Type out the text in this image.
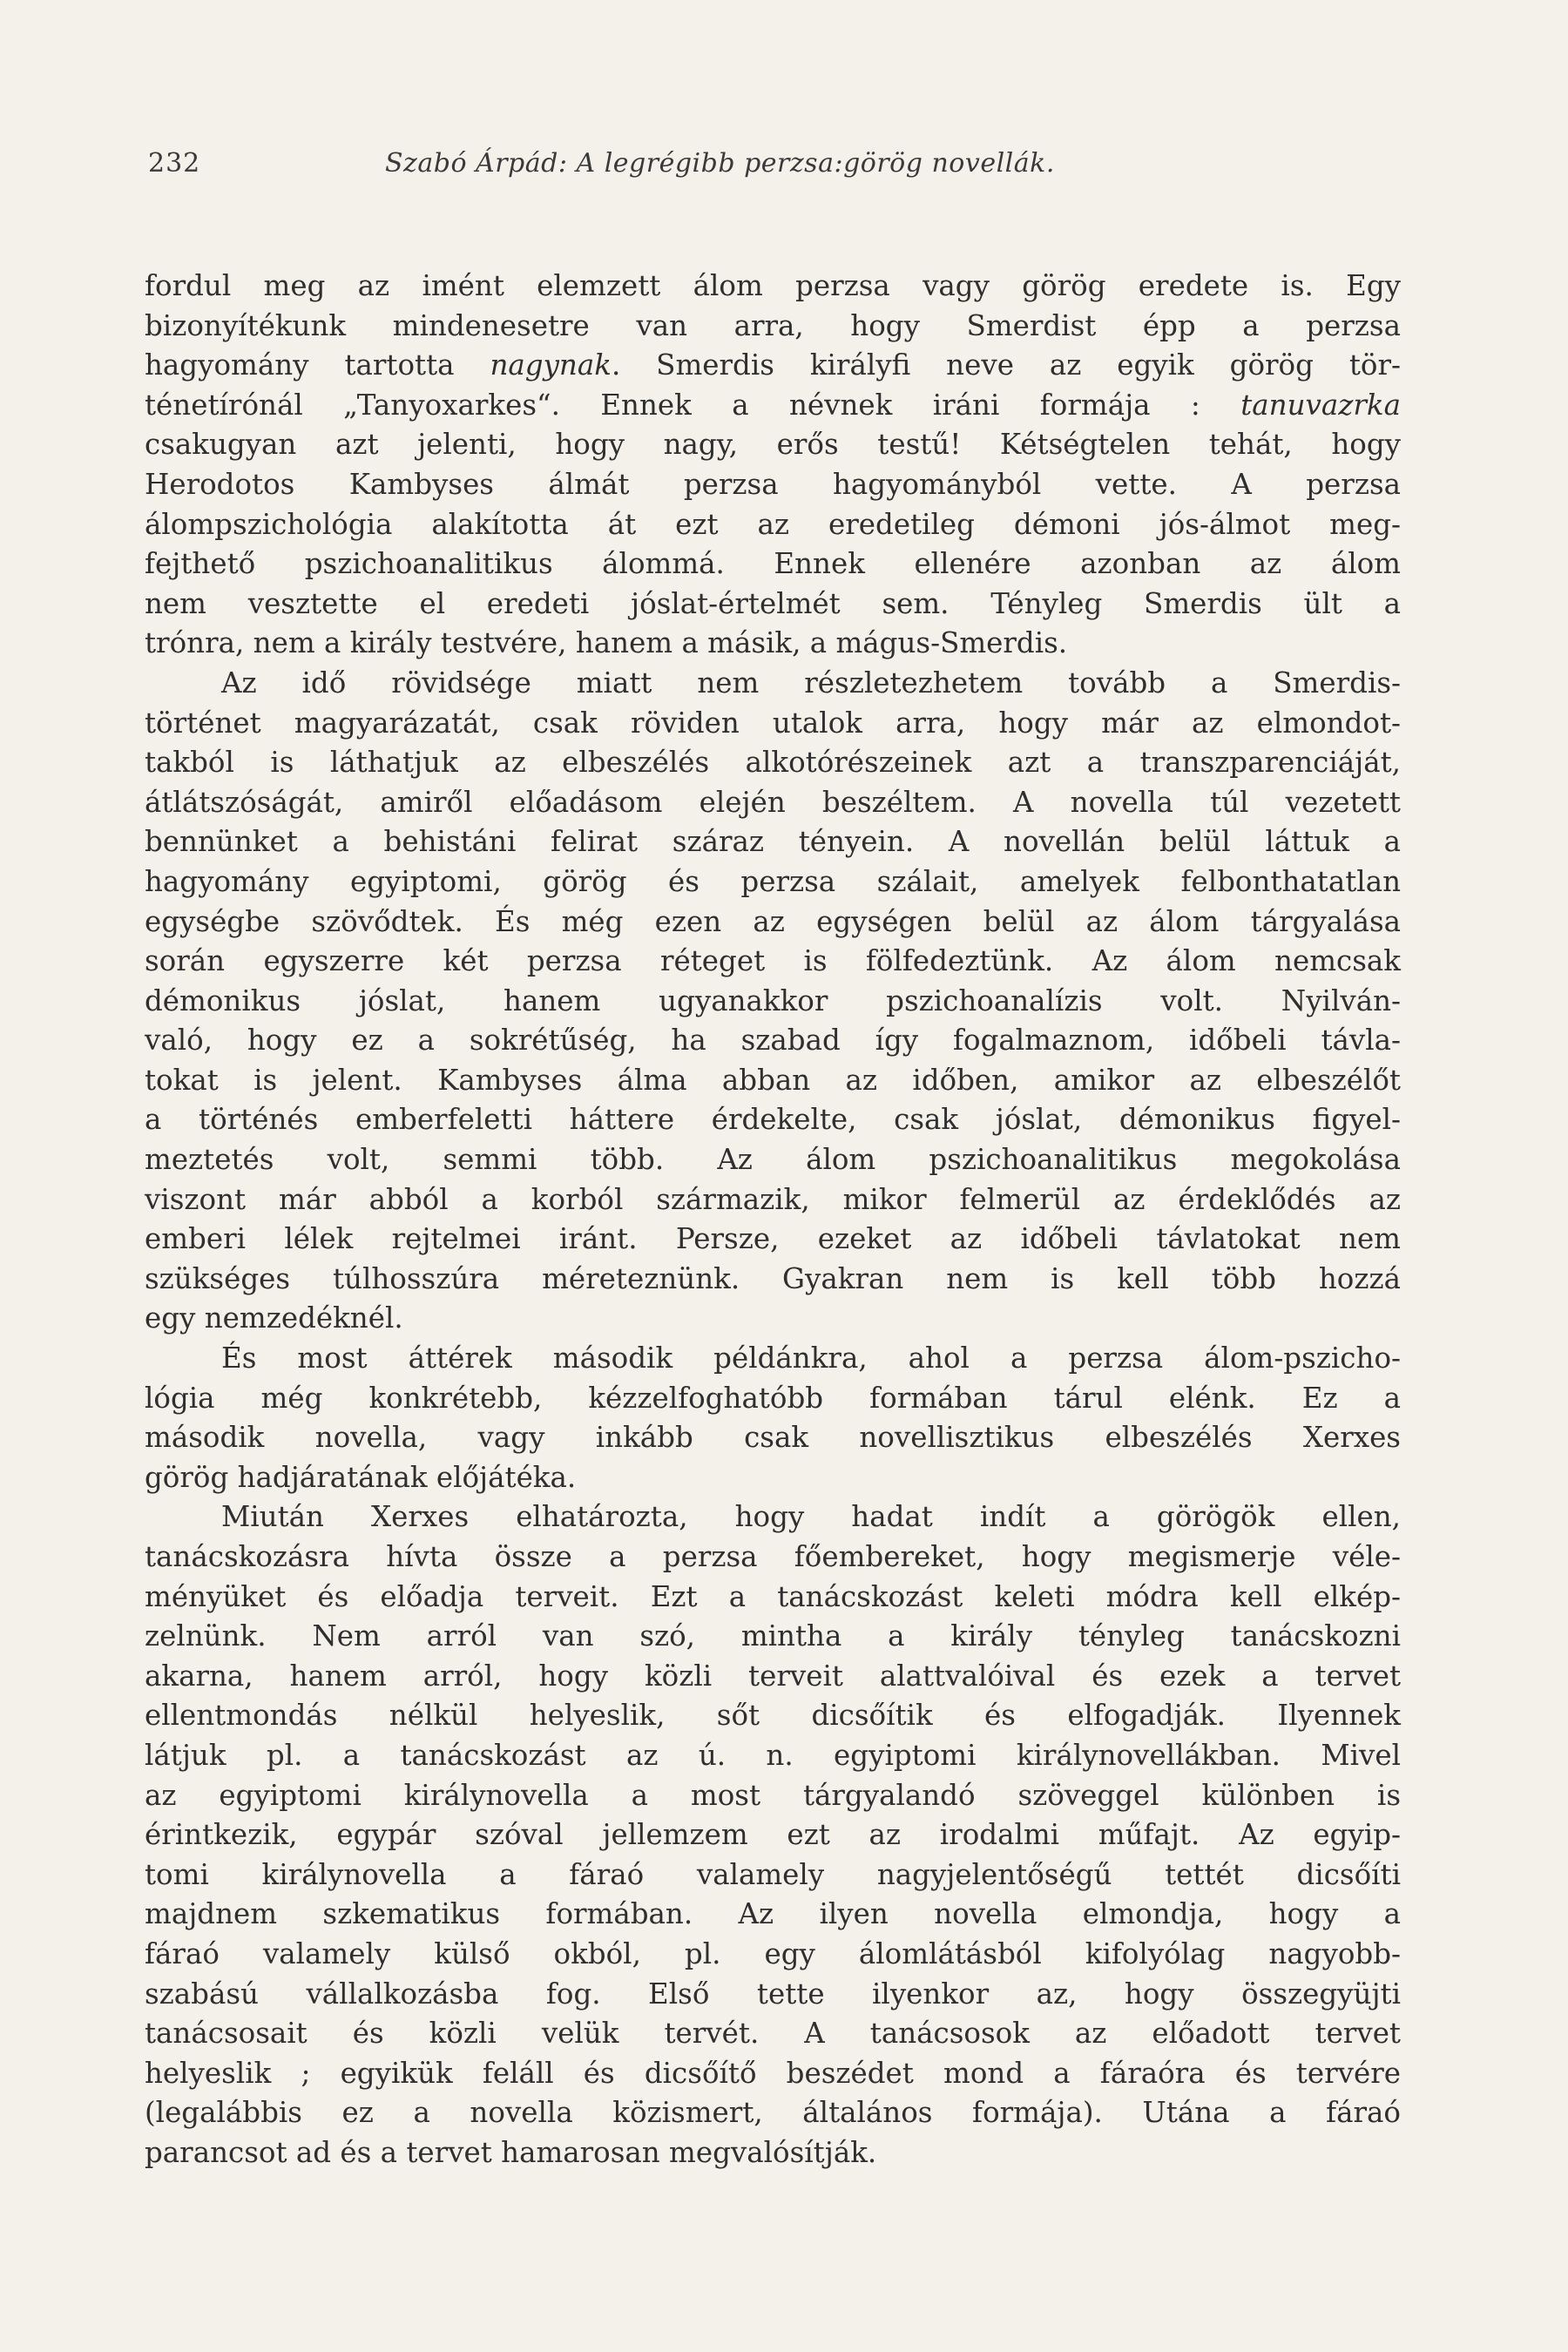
232	Szabó Árpád: A legrégibb perzsa:görög novellák.
fordul meg az imént elemzett álom perzsa vagy görög eredete is. Egy
bizonyítékunk mindenesetre van arra, hogy Smerdist épp a perzsa
hagyomány tartotta nagynak. Smerdis királyfi neve az egyik görög tör-
ténetírónál „Tanyoxarkes“. Ennek a névnek iráni formája : tanuvazrka
csakugyan azt jelenti, hogy nagy, erős testű! Kétségtelen tehát, hogy
Herodotos Kambyses álmát perzsa hagyományból vette. A perzsa
álompszichológia alakította át ezt az eredetileg démoni jós-álmot meg-
fejthető pszichoanalitikus álommá. Ennek ellenére azonban az álom
nem vesztette el eredeti jóslat-értelmét sem. Tényleg Smerdis ült a
trónra, nem a király testvére, hanem a másik, a mágus-Smerdis.
Az idő rövidsége miatt nem részletezhetem tovább a Smerdis-
történet magyarázatát, csak röviden utalok arra, hogy már az elmondot-
takból is láthatjuk az elbeszélés alkotórészeinek azt a transzparenciáját,
átlátszóságát, amiről előadásom elején beszéltem. A novella túl vezetett
bennünket a behistáni felirat száraz tényein. A novellán belül láttuk a
hagyomány egyiptomi, görög és perzsa szálait, amelyek felbonthatatlan
egységbe szövődtek. És még ezen az egységen belül az álom tárgyalása
során egyszerre két perzsa réteget is fölfedeztünk. Az álom nemcsak
démonikus jóslat, hanem ugyanakkor pszichoanalízis volt. Nyilván-
való, hogy ez a sokrétűség, ha szabad így fogalmaznom, időbeli távla-
tokat is jelent. Kambyses álma abban az időben, amikor az elbeszélőt
a történés emberfeletti háttere érdekelte, csak jóslat, démonikus figyel-
meztetés volt, semmi több. Az álom pszichoanalitikus megokolása
viszont már abból a korból származik, mikor felmerül az érdeklődés az
emberi lélek rejtelmei iránt. Persze, ezeket az időbeli távlatokat nem
szükséges túlhosszúra méreteznünk. Gyakran nem is kell több hozzá
egy nemzedéknél.
És most áttérek második példánkra, ahol a perzsa álom-pszicho-
lógia még konkrétebb, kézzelfoghatóbb formában tárul elénk. Ez a
második novella, vagy inkább csak novellisztikus elbeszélés Xerxes
görög hadjáratának előjátéka.
Miután Xerxes elhatározta, hogy hadat indít a görögök ellen,
tanácskozásra hívta össze a perzsa főembereket, hogy megismerje véle-
ményüket és előadja terveit. Ezt a tanácskozást keleti módra kell elkép-
zelnünk. Nem arról van szó, mintha a király tényleg tanácskozni
akarna, hanem arról, hogy közli terveit alattvalóival és ezek a tervet
ellentmondás nélkül helyeslik, sőt dicsőítik és elfogadják. Ilyennek
látjuk pl. a tanácskozást az ú. n. egyiptomi királynovellákban. Mivel
az egyiptomi királynovella a most tárgyalandó szöveggel különben is
érintkezik, egypár szóval jellemzem ezt az irodalmi műfajt. Az egyip-
tomi királynovella a fáraó valamely nagyjelentőségű tettét dicsőíti
majdnem szkematikus formában. Az ilyen novella elmondja, hogy a
fáraó valamely külső okból, pl. egy álomlátásból kifolyólag nagyobb-
szabású vállalkozásba fog. Első tette ilyenkor az, hogy összegyüjti
tanácsosait és közli velük tervét. A tanácsosok az előadott tervet
helyeslik ; egyikük feláll és dicsőítő beszédet mond a fáraóra és tervére
(legalábbis ez a novella közismert, általános formája). Utána a fáraó
parancsot ad és a tervet hamarosan megvalósítják.
